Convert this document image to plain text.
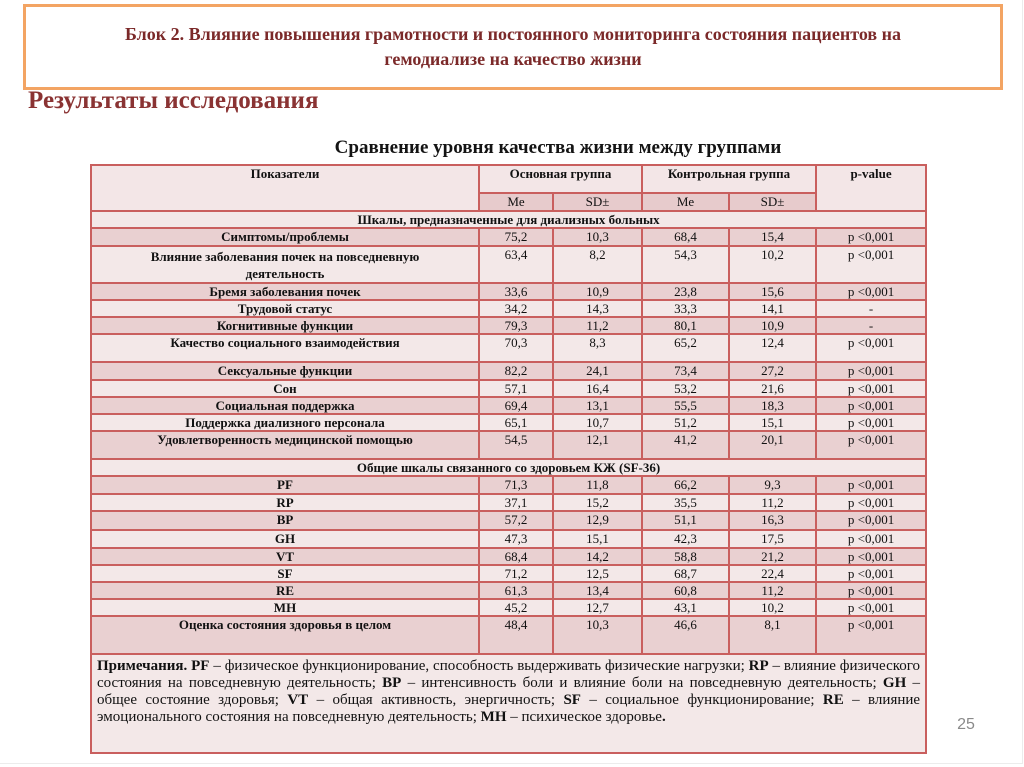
Блок 2. Влияние повышения грамотности и постоянного мониторинга состояния пациентов на
гемодиализе на качество жизни
Результаты исследования
Сравнение уровня качества жизни между группами
Показатели	Основная группа		Контрольная группа		p-value
	Me	SD±	Me	SD±	
Шкалы, предназначенные для диализных больных					
Симптомы/проблемы	75,2	10,3	68,4	15,4	p <0,001
Влияние заболевания почек на повседневную деятельность	63,4	8,2	54,3	10,2	p <0,001
Бремя заболевания почек	33,6	10,9	23,8	15,6	p <0,001
Трудовой статус	34,2	14,3	33,3	14,1	-
Когнитивные функции	79,3	11,2	80,1	10,9	-
Качество социального взаимодействия	70,3	8,3	65,2	12,4	p <0,001
Сексуальные функции	82,2	24,1	73,4	27,2	p <0,001
Сон	57,1	16,4	53,2	21,6	p <0,001
Социальная поддержка	69,4	13,1	55,5	18,3	p <0,001
Поддержка диализного персонала	65,1	10,7	51,2	15,1	p <0,001
Удовлетворенность медицинской помощью	54,5	12,1	41,2	20,1	p <0,001
Общие шкалы связанного со здоровьем КЖ (SF-36)					
PF	71,3	11,8	66,2	9,3	p <0,001
RP	37,1	15,2	35,5	11,2	p <0,001
BP	57,2	12,9	51,1	16,3	p <0,001
GH	47,3	15,1	42,3	17,5	p <0,001
VT	68,4	14,2	58,8	21,2	p <0,001
SF	71,2	12,5	68,7	22,4	p <0,001
RE	61,3	13,4	60,8	11,2	p <0,001
MH	45,2	12,7	43,1	10,2	p <0,001
Оценка состояния здоровья в целом	48,4	10,3	46,6	8,1	p <0,001
Примечания. PF – физическое функционирование, способность выдерживать физические нагрузки; RP – влияние физического состояния на повседневную деятельность; BP – интенсивность боли и влияние боли на повседневную деятельность; GH – общее состояние здоровья; VT – общая активность, энергичность; SF – социальное функционирование; RE – влияние эмоционального состояния на повседневную деятельность; MH – психическое здоровье.						25
